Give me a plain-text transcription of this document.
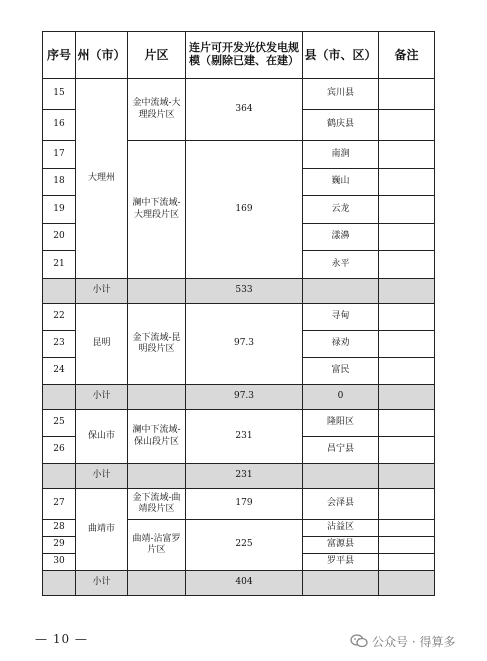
序号	州（市）	片区	连片可开发光伏发电规模（剔除已建、在建）	县（市、区）	备注
15	大理州	金中流域-大理段片区	364	宾川县	
16				鹤庆县	
17		澜中下流域-大理段片区	169	南涧	
18				巍山	
19				云龙	
20				漾濞	
21				永平	
	小计		533		
22	昆明	金下流域-昆明段片区	97.3	寻甸	
23				禄劝	
24				富民	
	小计		97.3	0	
25	保山市	澜中下流域-保山段片区	231	隆阳区	
26				昌宁县	
	小计		231		
27	曲靖市	金下流域-曲靖段片区	179	会泽县	
28		曲靖-沾富罗片区	225	沾益区	
29				富源县	
30				罗平县	
	小计		404		
— 10 —	公众号 · 得算多
